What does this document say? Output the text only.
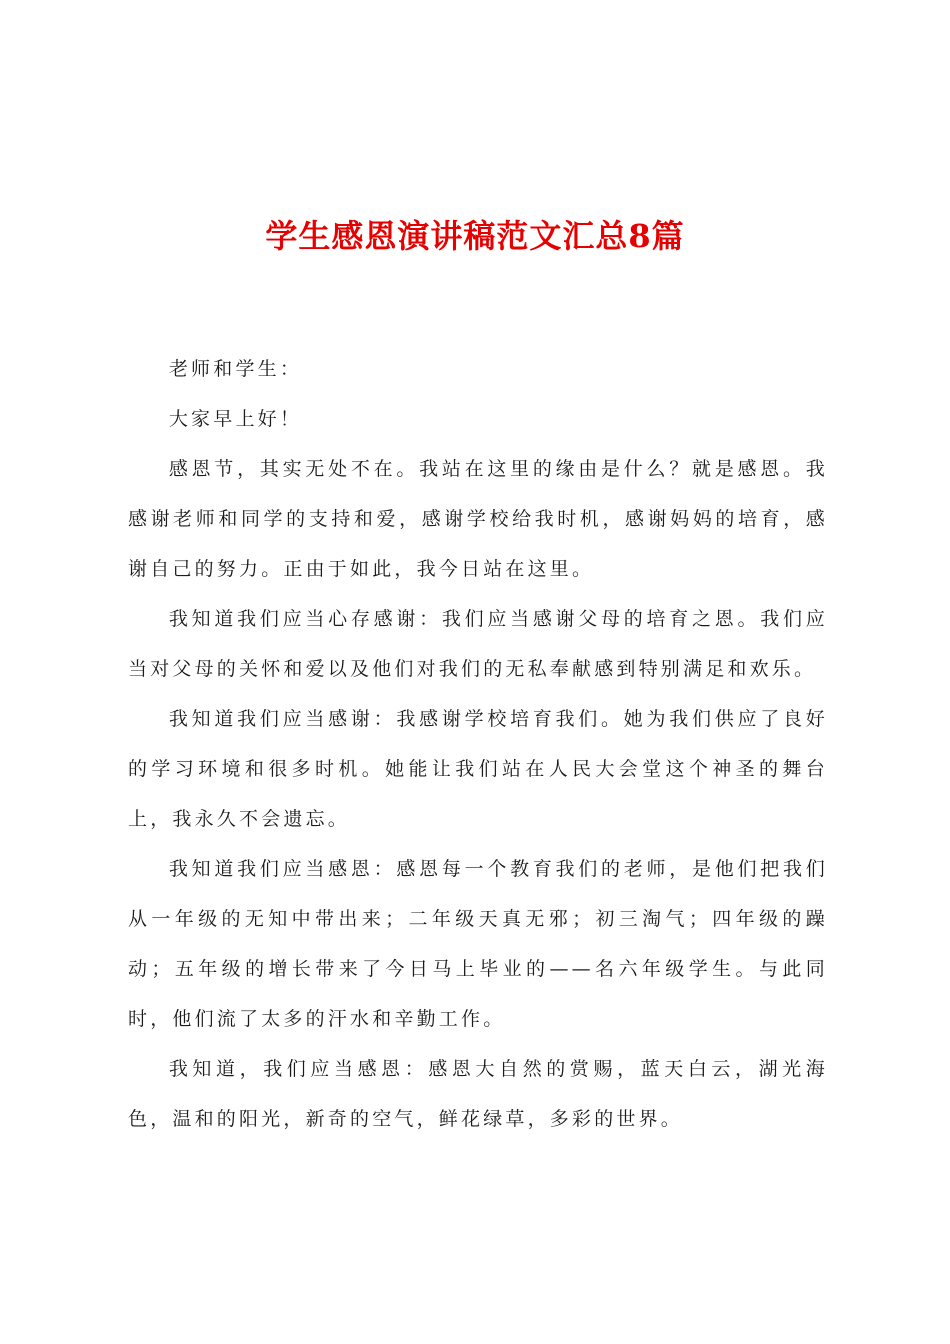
学生感恩演讲稿范文汇总8篇

老师和学生：

大家早上好！

感恩节，其实无处不在。我站在这里的缘由是什么？就是感恩。我感谢老师和同学的支持和爱，感谢学校给我时机，感谢妈妈的培育，感谢自己的努力。正由于如此，我今日站在这里。

我知道我们应当心存感谢：我们应当感谢父母的培育之恩。我们应当对父母的关怀和爱以及他们对我们的无私奉献感到特别满足和欢乐。

我知道我们应当感谢：我感谢学校培育我们。她为我们供应了良好的学习环境和很多时机。她能让我们站在人民大会堂这个神圣的舞台上，我永久不会遗忘。

我知道我们应当感恩：感恩每一个教育我们的老师，是他们把我们从一年级的无知中带出来；二年级天真无邪；初三淘气；四年级的躁动；五年级的增长带来了今日马上毕业的——名六年级学生。与此同时，他们流了太多的汗水和辛勤工作。

我知道，我们应当感恩：感恩大自然的赏赐，蓝天白云，湖光海色，温和的阳光，新奇的空气，鲜花绿草，多彩的世界。
